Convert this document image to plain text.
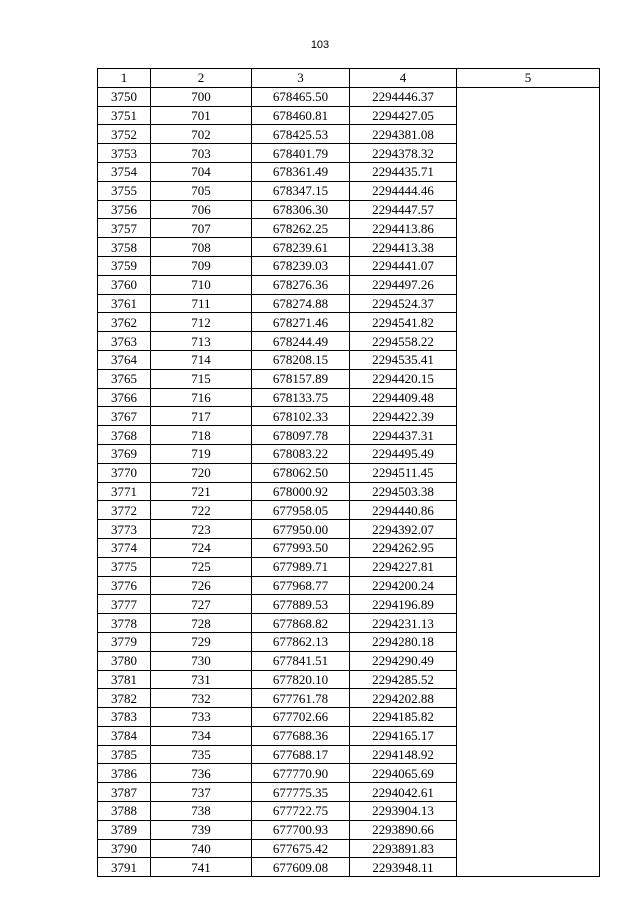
103
1	2	3	4	5
3750	700	678465.50	2294446.37	
3751	701	678460.81	2294427.05	
3752	702	678425.53	2294381.08	
3753	703	678401.79	2294378.32	
3754	704	678361.49	2294435.71	
3755	705	678347.15	2294444.46	
3756	706	678306.30	2294447.57	
3757	707	678262.25	2294413.86	
3758	708	678239.61	2294413.38	
3759	709	678239.03	2294441.07	
3760	710	678276.36	2294497.26	
3761	711	678274.88	2294524.37	
3762	712	678271.46	2294541.82	
3763	713	678244.49	2294558.22	
3764	714	678208.15	2294535.41	
3765	715	678157.89	2294420.15	
3766	716	678133.75	2294409.48	
3767	717	678102.33	2294422.39	
3768	718	678097.78	2294437.31	
3769	719	678083.22	2294495.49	
3770	720	678062.50	2294511.45	
3771	721	678000.92	2294503.38	
3772	722	677958.05	2294440.86	
3773	723	677950.00	2294392.07	
3774	724	677993.50	2294262.95	
3775	725	677989.71	2294227.81	
3776	726	677968.77	2294200.24	
3777	727	677889.53	2294196.89	
3778	728	677868.82	2294231.13	
3779	729	677862.13	2294280.18	
3780	730	677841.51	2294290.49	
3781	731	677820.10	2294285.52	
3782	732	677761.78	2294202.88	
3783	733	677702.66	2294185.82	
3784	734	677688.36	2294165.17	
3785	735	677688.17	2294148.92	
3786	736	677770.90	2294065.69	
3787	737	677775.35	2294042.61	
3788	738	677722.75	2293904.13	
3789	739	677700.93	2293890.66	
3790	740	677675.42	2293891.83	
3791	741	677609.08	2293948.11	
